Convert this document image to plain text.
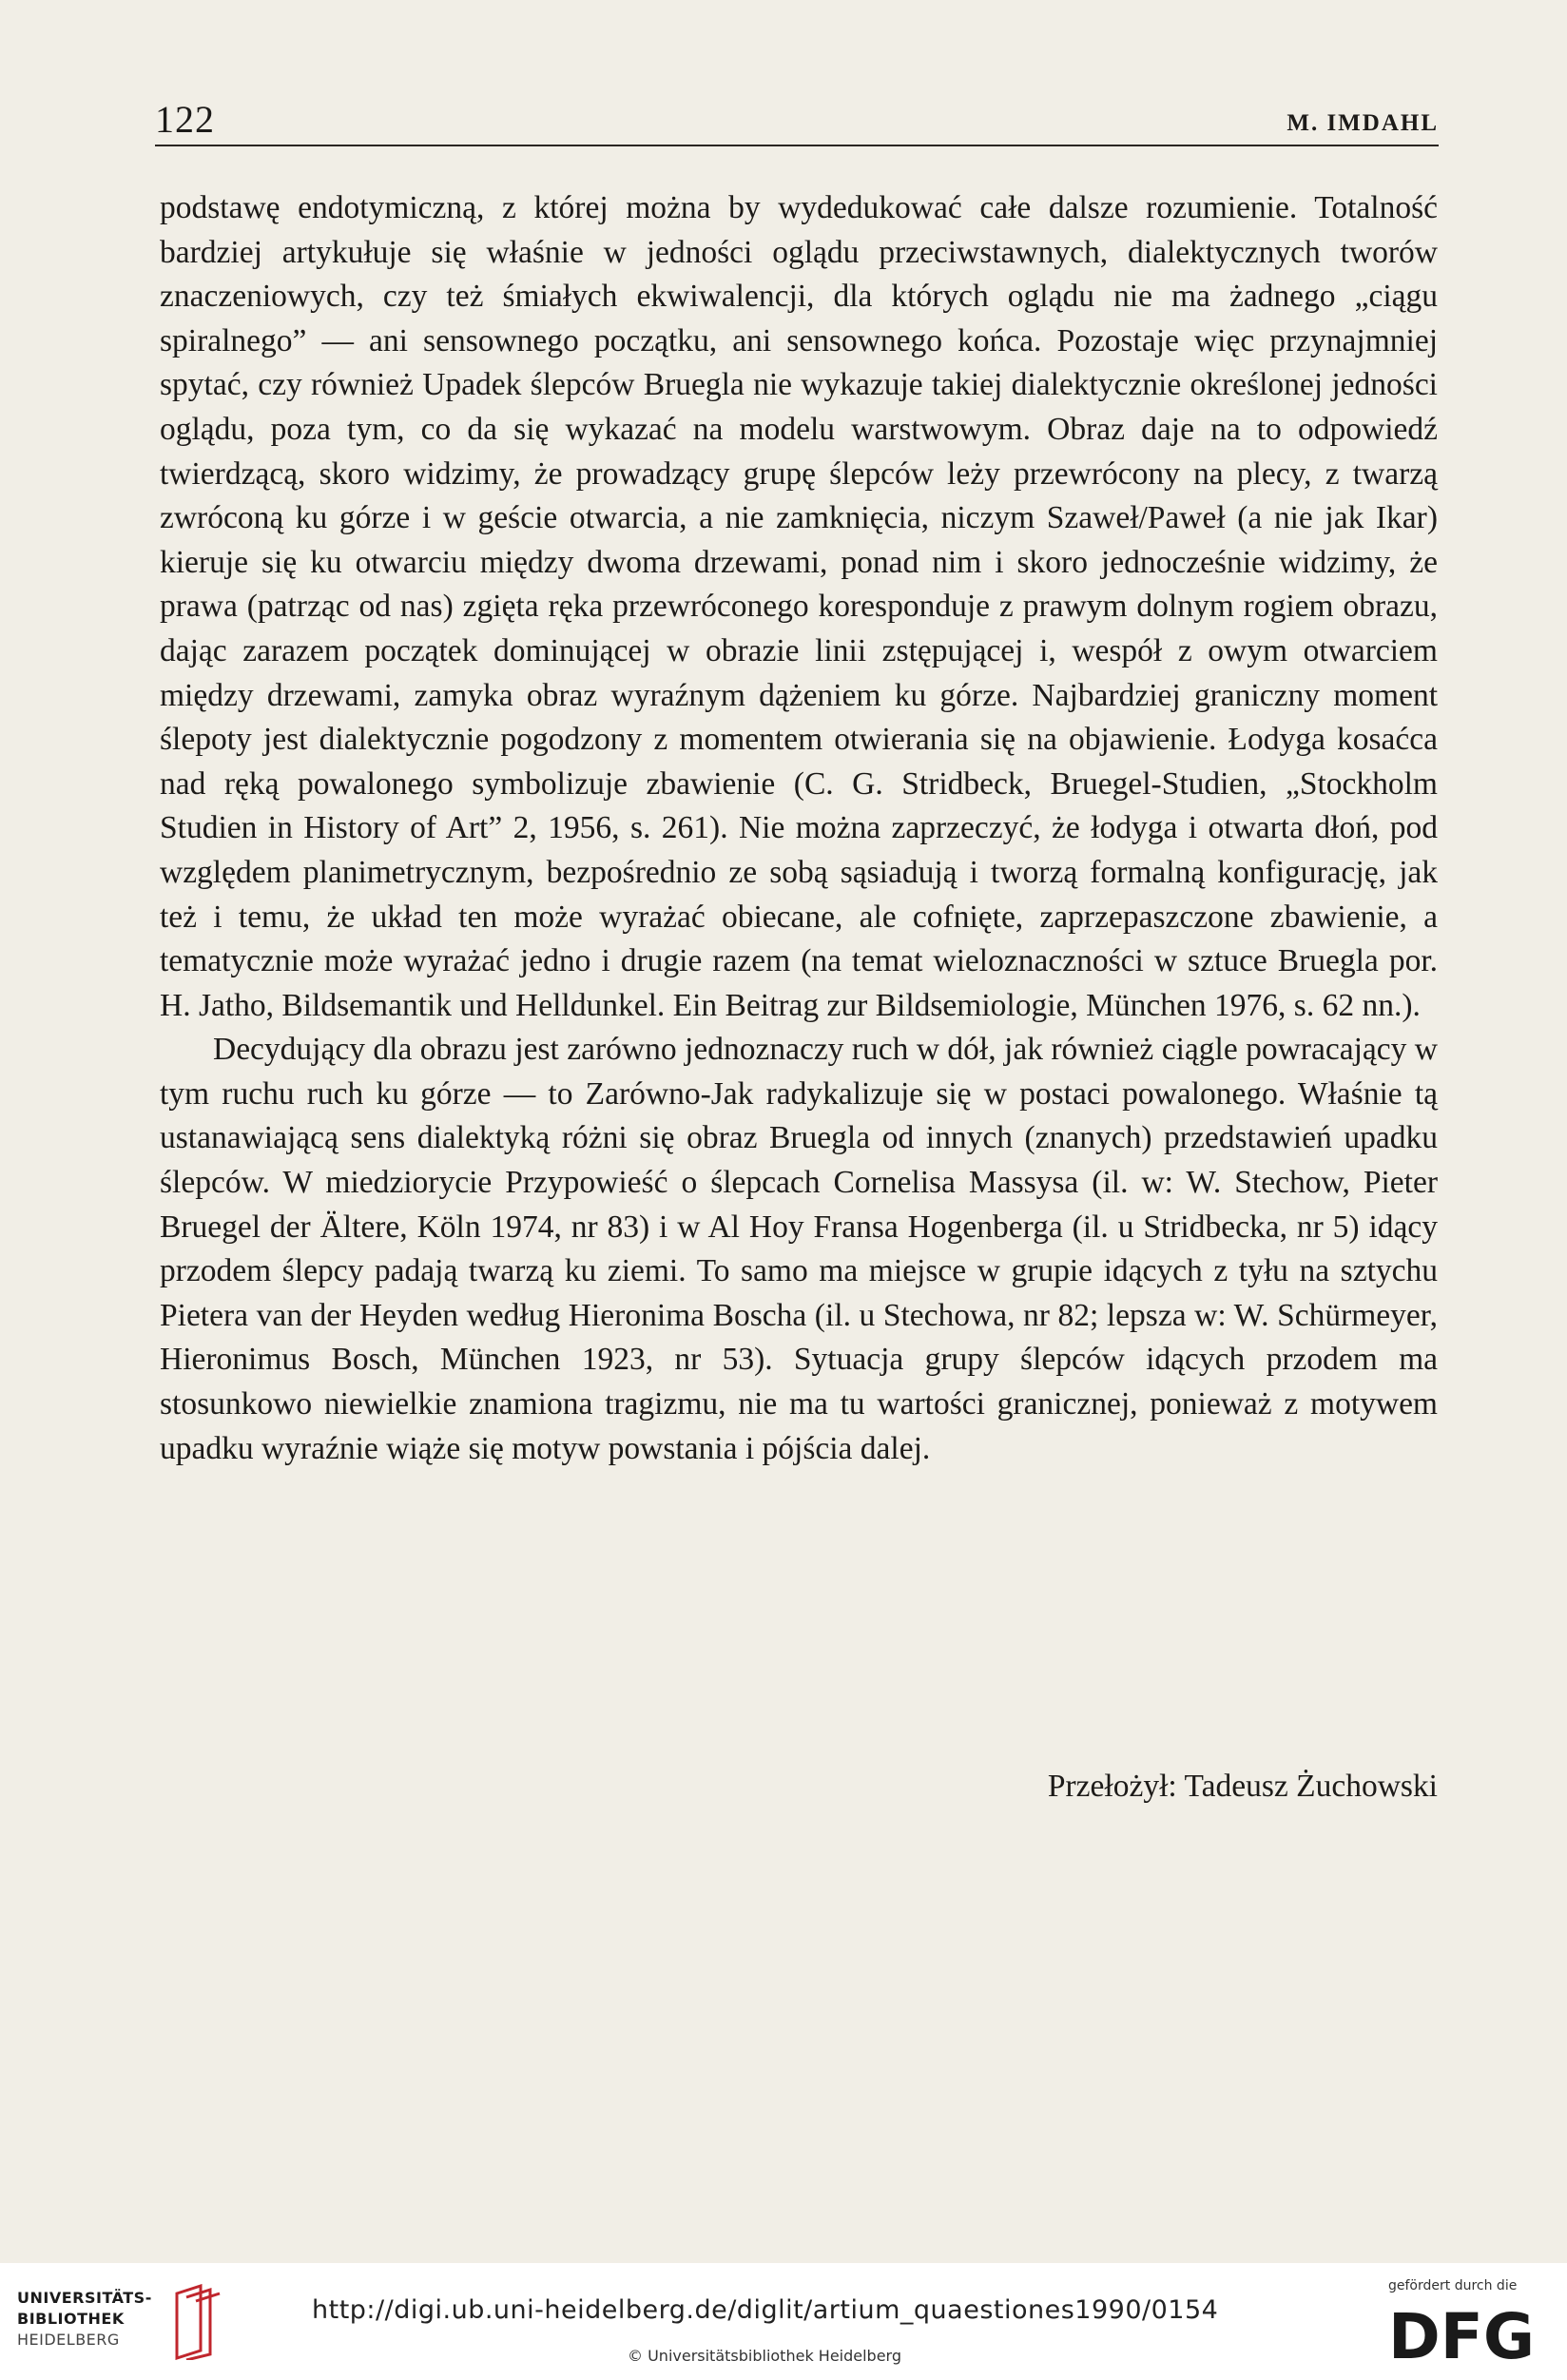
122	M. IMDAHL

podstawę endotymiczną, z której można by wydedukować całe dalsze rozumienie. Totalność bardziej artykułuje się właśnie w jedności oglądu przeciwstawnych, dialektycznych tworów znaczeniowych, czy też śmiałych ekwiwalencji, dla których oglądu nie ma żadnego „ciągu spiralnego” — ani sensownego początku, ani sensownego końca. Pozostaje więc przynajmniej spytać, czy również Upadek ślepców Bruegla nie wykazuje takiej dialektycznie określonej jedności oglądu, poza tym, co da się wykazać na modelu warstwowym. Obraz daje na to odpowiedź twierdzącą, skoro widzimy, że prowadzący grupę ślepców leży przewrócony na plecy, z twarzą zwróconą ku górze i w geście otwarcia, a nie zamknięcia, niczym Szaweł/Paweł (a nie jak Ikar) kieruje się ku otwarciu między dwoma drzewami, ponad nim i skoro jednocześnie widzimy, że prawa (patrząc od nas) zgięta ręka przewróconego koresponduje z prawym dolnym rogiem obrazu, dając zarazem początek dominującej w obrazie linii zstępującej i, wespół z owym otwarciem między drzewami, zamyka obraz wyraźnym dążeniem ku górze. Najbardziej graniczny moment ślepoty jest dialektycznie pogodzony z momentem otwierania się na objawienie. Łodyga kosaćca nad ręką powalonego symbolizuje zbawienie (C. G. Stridbeck, Bruegel-Studien, „Stockholm Studien in History of Art” 2, 1956, s. 261). Nie można zaprzeczyć, że łodyga i otwarta dłoń, pod względem planimetrycznym, bezpośrednio ze sobą sąsiadują i tworzą formalną konfigurację, jak też i temu, że układ ten może wyrażać obiecane, ale cofnięte, zaprzepaszczone zbawienie, a tematycznie może wyrażać jedno i drugie razem (na temat wieloznaczności w sztuce Bruegla por. H. Jatho, Bildsemantik und Helldunkel. Ein Beitrag zur Bildsemiologie, München 1976, s. 62 nn.).

Decydujący dla obrazu jest zarówno jednoznaczy ruch w dół, jak również ciągle powracający w tym ruchu ruch ku górze — to Zarówno-Jak radykalizuje się w postaci powalonego. Właśnie tą ustanawiającą sens dialektyką różni się obraz Bruegla od innych (znanych) przedstawień upadku ślepców. W miedziorycie Przypowieść o ślepcach Cornelisa Massysa (il. w: W. Stechow, Pieter Bruegel der Ältere, Köln 1974, nr 83) i w Al Hoy Fransa Hogenberga (il. u Stridbecka, nr 5) idący przodem ślepcy padają twarzą ku ziemi. To samo ma miejsce w grupie idących z tyłu na sztychu Pietera van der Heyden według Hieronima Boscha (il. u Stechowa, nr 82; lepsza w: W. Schürmeyer, Hieronimus Bosch, München 1923, nr 53). Sytuacja grupy ślepców idących przodem ma stosunkowo niewielkie znamiona tragizmu, nie ma tu wartości granicznej, ponieważ z motywem upadku wyraźnie wiąże się motyw powstania i pójścia dalej.

Przełożył: Tadeusz Żuchowski
UNIVERSITÄTS-
BIBLIOTHEK
HEIDELBERG
http://digi.ub.uni-heidelberg.de/diglit/artium_quaestiones1990/0154
© Universitätsbibliothek Heidelberg
gefördert durch die
DFG
